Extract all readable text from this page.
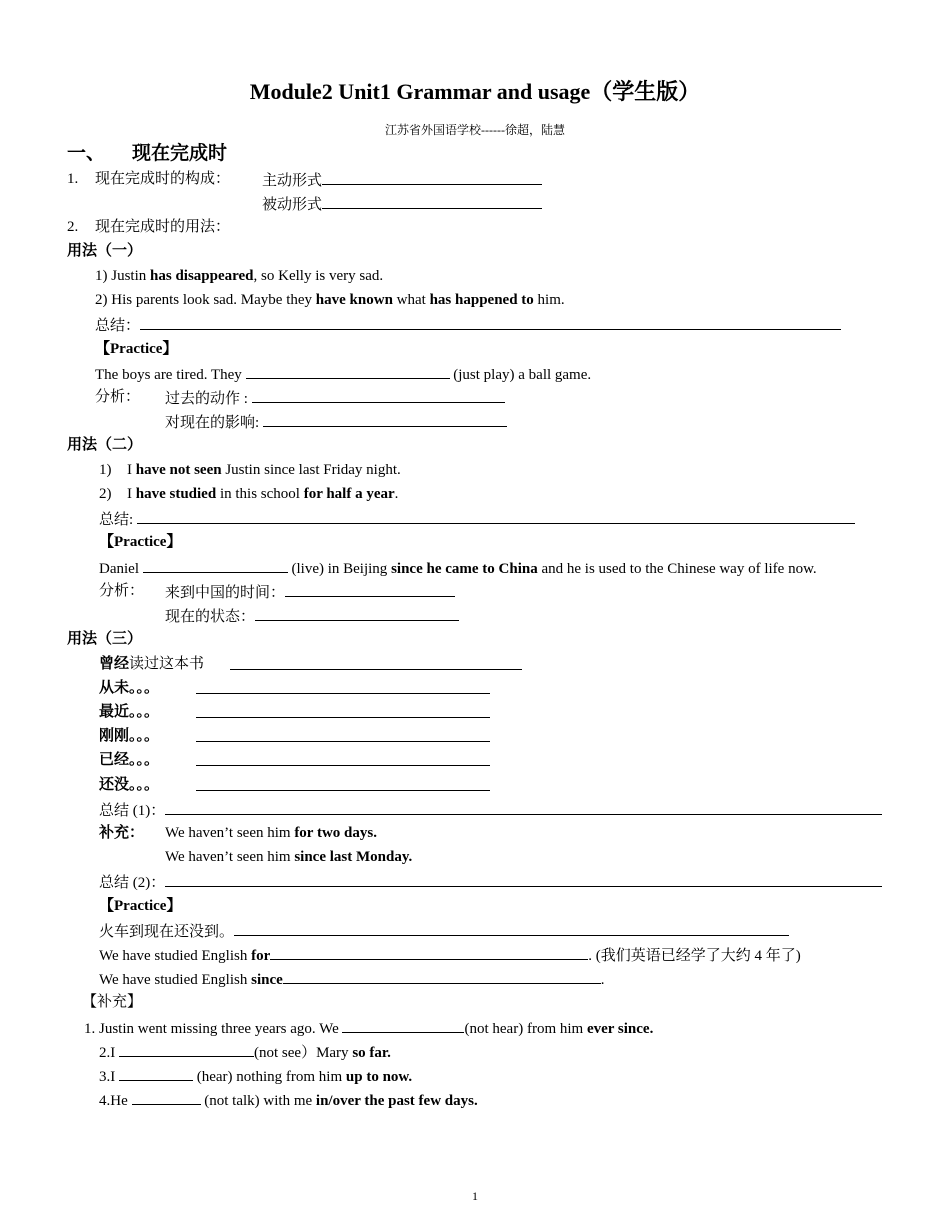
Module2 Unit1 Grammar and usage（学生版）
江苏省外国语学校------徐超，陆慧
一、 现在完成时
1. 现在完成时的构成： 主动形式
被动形式
2. 现在完成时的用法：
用法（一）
1) Justin has disappeared, so Kelly is very sad.
2) His parents look sad. Maybe they have known what has happened to him.
总结：
【Practice】
The boys are tired. They	(just play) a ball game.
分析： 过去的动作 :
对现在的影响:
用法（二）
1) I have not seen Justin since last Friday night.
2) I have studied in this school for half a year.
总结:
【Practice】
Daniel	(live) in Beijing since he came to China and he is used to the Chinese way of life now.
分析： 来到中国的时间：
现在的状态：
用法（三）
曾经读过这本书
从未。。。
最近。。。
刚刚。。。
已经。。。
还没。。。
总结 (1)：
补充： We haven’t seen him for two days.
We haven’t seen him since last Monday.
总结 (2)：
【Practice】
火车到现在还没到。
We have studied English for	. (我们英语已经学了大约 4 年了)
We have studied English since	.
【补充】
1. Justin went missing three years ago. We	(not hear) from him ever since.
2.I	(not see）Mary so far.
3.I	(hear) nothing from him up to now.
4.He	(not talk) with me in/over the past few days.
1
